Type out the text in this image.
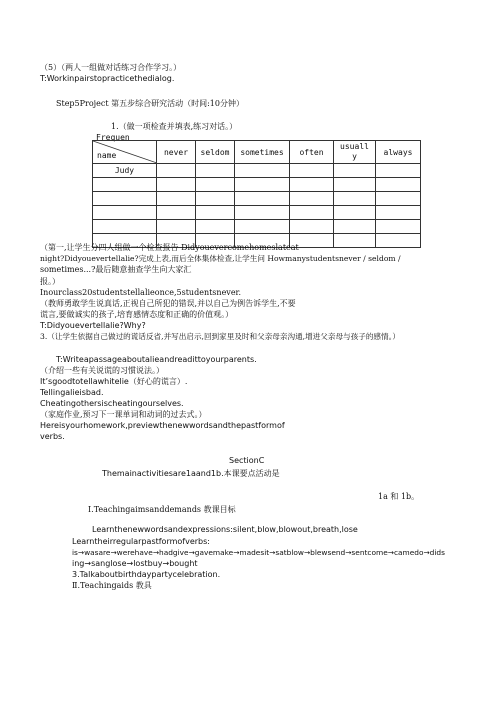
（5）（两人一组做对话练习合作学习。）
T:Workinpairstopracticethedialog.
Step5Project 第五步综合研究活动（时间:10分钟）
1.（做一项检查并填表,练习对话。）
Frequen
name	never	seldom	sometimes	often	usuall y	always
Judy						

（第一,让学生分四人组做一个检查报告 Didyouevercomehomeslateat
night?Didyouevertellalie?完成上表,而后全体集体检查,让学生问 Howmanystudentsnever / seldom /
sometimes...?最后随意抽查学生向大家汇
报。）
Inourclass20studentstellalieonce,5studentsnever.
（教师勇敢学生说真话,正视自己所犯的错误,并以自己为例告诉学生,不要
谎言,要做诚实的孩子,培育感情态度和正确的价值观。）
T:Didyouevertellalie?Why?
3.（让学生依据自己做过的谎话反省,并写出启示,回到家里及时和父亲母亲沟通,增进父亲母与孩子的感情。）
T:Writeapassageaboutalieandreadittoyourparents.
（介绍一些有关说谎的习惯说法。）
It’sgoodtotellawhitelie（好心的谎言）.
Tellingalieisbad.
Cheatingothersischeatingourselves.
（家庭作业,预习下一课单词和动词的过去式。）
Hereisyourhomework,previewthenewwordsandthepastformof
verbs.
SectionC
Themainactivitiesare1aand1b.本课要点活动是
1a 和 1b。
Ⅰ.Teachingaimsanddemands 教课目标
Learnthenewwordsandexpressions:silent,blow,blowout,breath,lose
Learntheirregularpastformofverbs:
is→wasare→werehave→hadgive→gavemake→madesit→satblow→blewsend→sentcome→camedo→dids
ing→sanglose→lostbuy→bought
3.Talkaboutbirthdaypartycelebration.
Ⅱ.Teachingaids 教具
